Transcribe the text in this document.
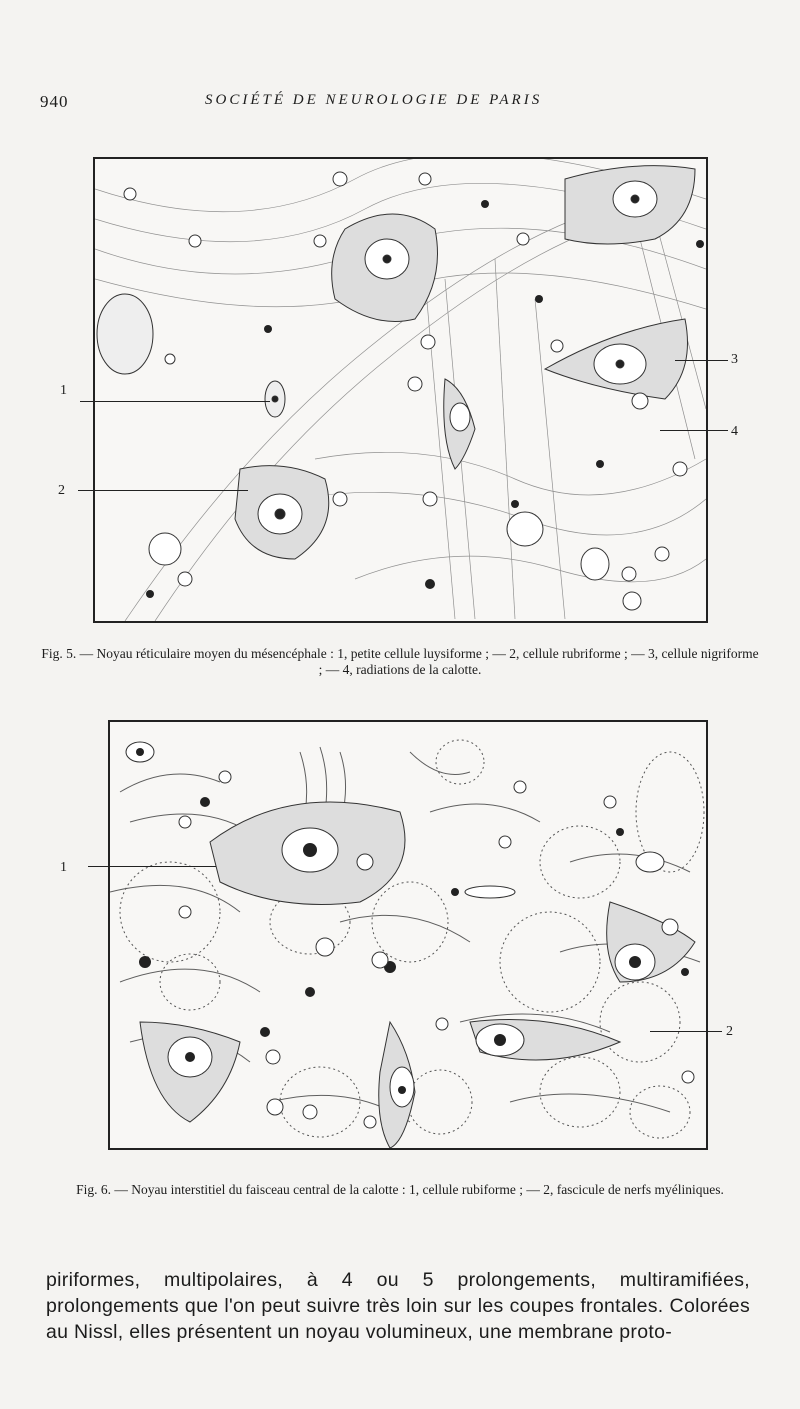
940	SOCIÉTÉ DE NEUROLOGIE DE PARIS
1
2
3
4
Fig. 5. — Noyau réticulaire moyen du mésencéphale : 1, petite cellule luysiforme ; — 2, cellule rubriforme ; — 3, cellule nigriforme ; — 4, radiations de la calotte.
1
2
Fig. 6. — Noyau interstitiel du faisceau central de la calotte : 1, cellule rubiforme ; — 2, fascicule de nerfs myéliniques.

piriformes, multipolaires, à 4 ou 5 prolongements, multiramifiées, prolongements que l'on peut suivre très loin sur les coupes frontales. Colorées au Nissl, elles présentent un noyau volumineux, une membrane proto-
